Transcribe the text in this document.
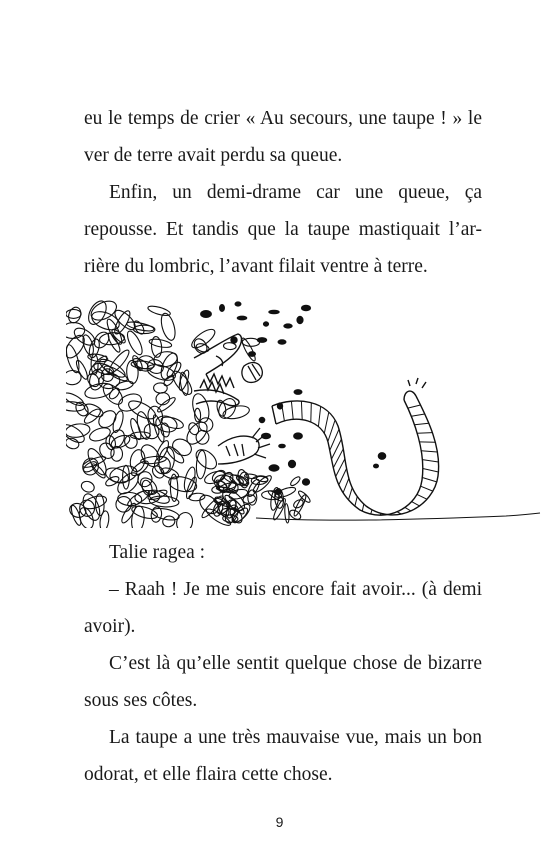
eu le temps de crier « Au secours, une taupe ! » le
ver de terre avait perdu sa queue.
Enfin, un demi-drame car une queue, ça
repousse. Et tandis que la taupe mastiquait l’ar-
rière du lombric, l’avant filait ventre à terre.
Talie ragea :
– Raah ! Je me suis encore fait avoir... (à demi
avoir).
C’est là qu’elle sentit quelque chose de bizarre
sous ses côtes.
La taupe a une très mauvaise vue, mais un bon
odorat, et elle flaira cette chose.
9
